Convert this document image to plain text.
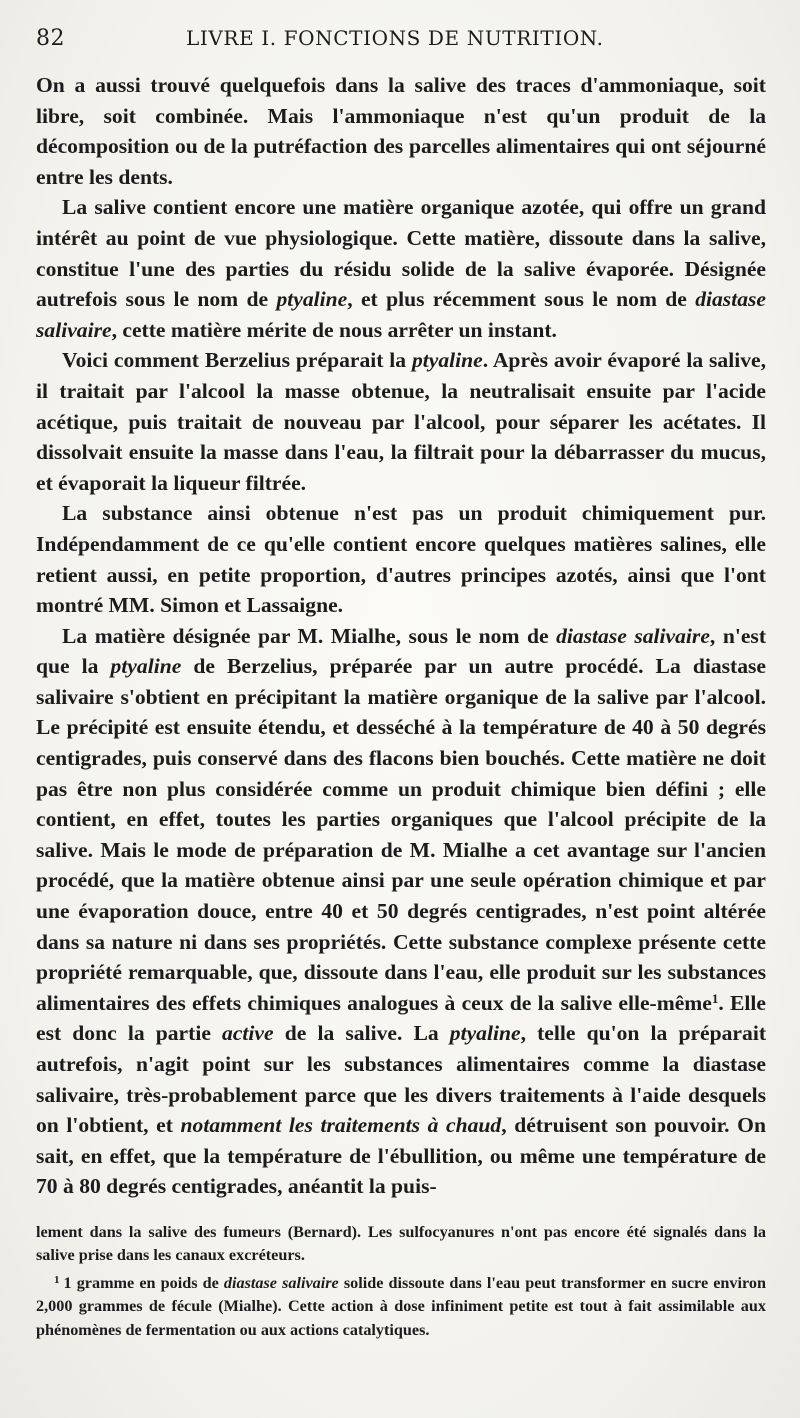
82	LIVRE I. FONCTIONS DE NUTRITION.

On a aussi trouvé quelquefois dans la salive des traces d'ammoniaque, soit libre, soit combinée. Mais l'ammoniaque n'est qu'un produit de la décomposition ou de la putréfaction des parcelles alimentaires qui ont séjourné entre les dents.

La salive contient encore une matière organique azotée, qui offre un grand intérêt au point de vue physiologique. Cette matière, dissoute dans la salive, constitue l'une des parties du résidu solide de la salive évaporée. Désignée autrefois sous le nom de ptyaline, et plus récemment sous le nom de diastase salivaire, cette matière mérite de nous arrêter un instant.

Voici comment Berzelius préparait la ptyaline. Après avoir évaporé la salive, il traitait par l'alcool la masse obtenue, la neutralisait ensuite par l'acide acétique, puis traitait de nouveau par l'alcool, pour séparer les acétates. Il dissolvait ensuite la masse dans l'eau, la filtrait pour la débarrasser du mucus, et évaporait la liqueur filtrée.

La substance ainsi obtenue n'est pas un produit chimiquement pur. Indépendamment de ce qu'elle contient encore quelques matières salines, elle retient aussi, en petite proportion, d'autres principes azotés, ainsi que l'ont montré MM. Simon et Lassaigne.

La matière désignée par M. Mialhe, sous le nom de diastase salivaire, n'est que la ptyaline de Berzelius, préparée par un autre procédé. La diastase salivaire s'obtient en précipitant la matière organique de la salive par l'alcool. Le précipité est ensuite étendu, et desséché à la température de 40 à 50 degrés centigrades, puis conservé dans des flacons bien bouchés. Cette matière ne doit pas être non plus considérée comme un produit chimique bien défini ; elle contient, en effet, toutes les parties organiques que l'alcool précipite de la salive. Mais le mode de préparation de M. Mialhe a cet avantage sur l'ancien procédé, que la matière obtenue ainsi par une seule opération chimique et par une évaporation douce, entre 40 et 50 degrés centigrades, n'est point altérée dans sa nature ni dans ses propriétés. Cette substance complexe présente cette propriété remarquable, que, dissoute dans l'eau, elle produit sur les substances alimentaires des effets chimiques analogues à ceux de la salive elle-même$^1$. Elle est donc la partie active de la salive. La ptyaline, telle qu'on la préparait autrefois, n'agit point sur les substances alimentaires comme la diastase salivaire, très-probablement parce que les divers traitements à l'aide desquels on l'obtient, et notamment les traitements à chaud, détruisent son pouvoir. On sait, en effet, que la température de l'ébullition, ou même une température de 70 à 80 degrés centigrades, anéantit la puis-

lement dans la salive des fumeurs (Bernard). Les sulfocyanures n'ont pas encore été signalés dans la salive prise dans les canaux excréteurs.

$^1$ 1 gramme en poids de diastase salivaire solide dissoute dans l'eau peut transformer en sucre environ 2,000 grammes de fécule (Mialhe). Cette action à dose infiniment petite est tout à fait assimilable aux phénomènes de fermentation ou aux actions catalytiques.
